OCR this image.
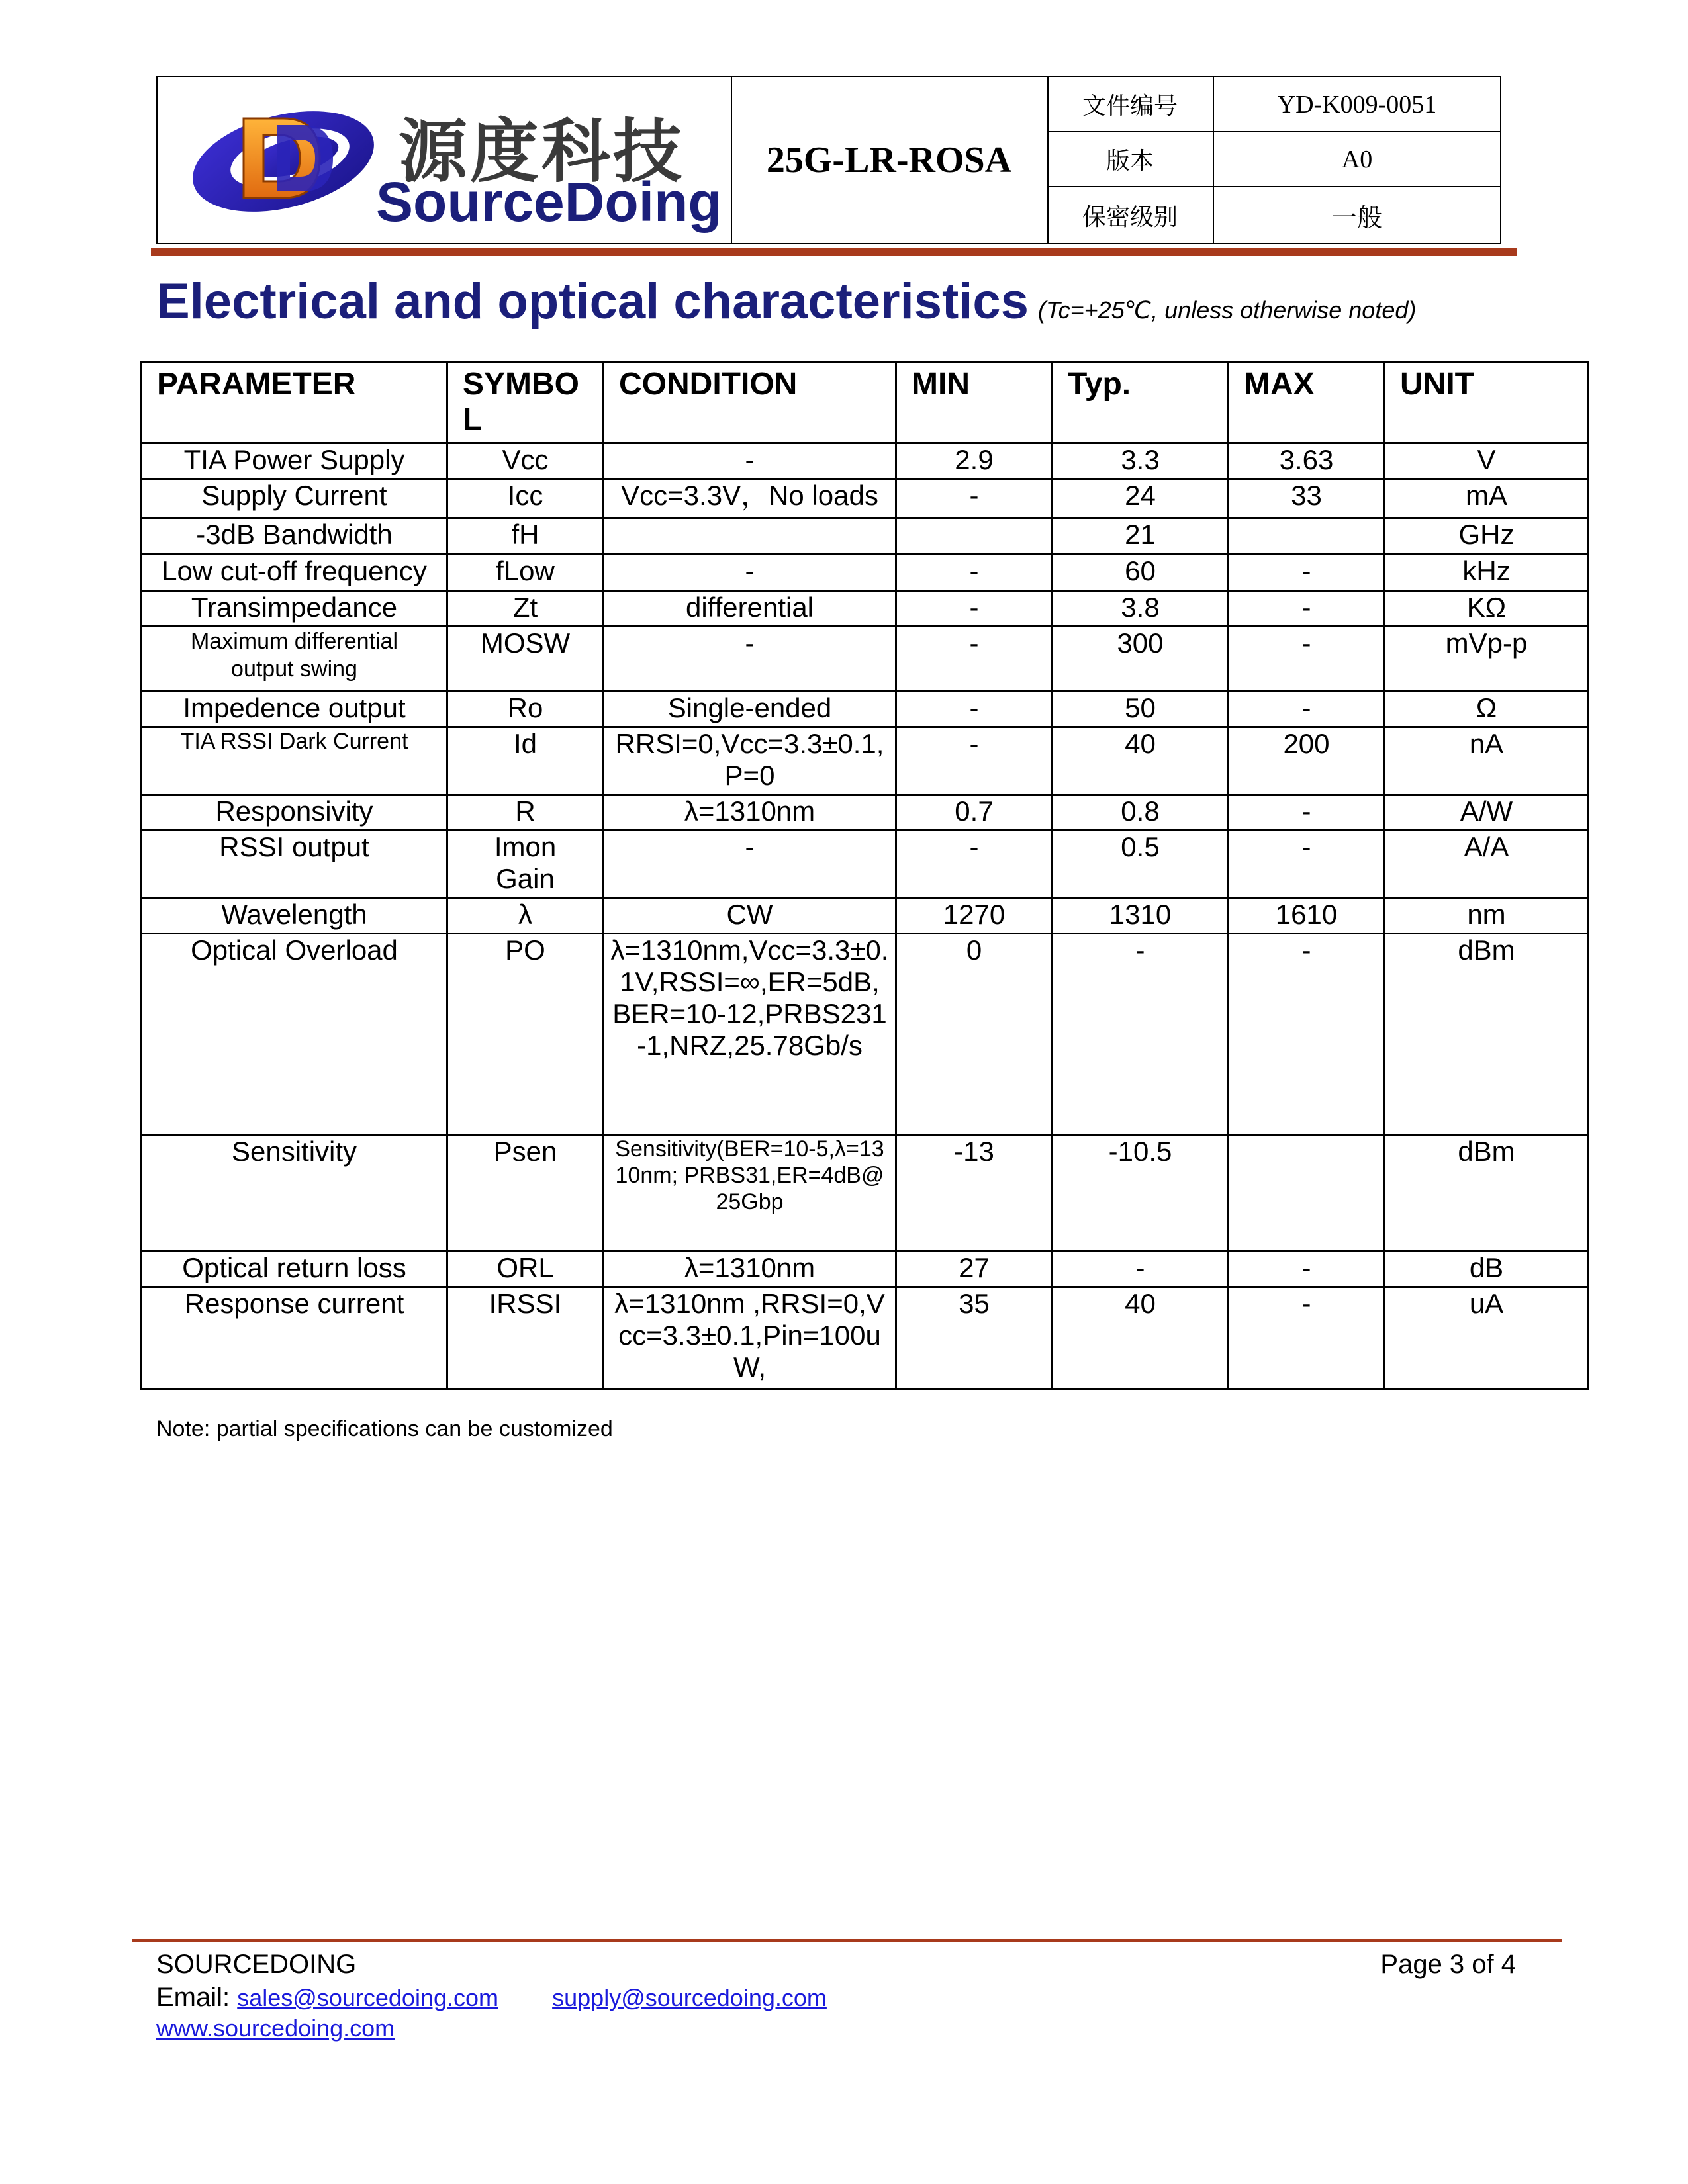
源度科技
SourceDoing
25G-LR-ROSA
文件编号	YD-K009-0051
版本	A0
保密级别	一般
Electrical and optical characteristics (Tc=+25℃, unless otherwise noted)
PARAMETER	SYMBOL	CONDITION	MIN	Typ.	MAX	UNIT
TIA Power Supply	Vcc	-	2.9	3.3	3.63	V
Supply Current	Icc	Vcc=3.3V，No loads	-	24	33	mA
-3dB Bandwidth	fH			21		GHz
Low cut-off frequency	fLow	-	-	60	-	kHz
Transimpedance	Zt	differential	-	3.8	-	KΩ
Maximum differential output swing	MOSW	-	-	300	-	mVp-p
Impedence output	Ro	Single-ended	-	50	-	Ω
TIA RSSI Dark Current	Id	RRSI=0,Vcc=3.3±0.1,P=0	-	40	200	nA
Responsivity	R	λ=1310nm	0.7	0.8	-	A/W
RSSI output	Imon Gain	-	-	0.5	-	A/A
Wavelength	λ	CW	1270	1310	1610	nm
Optical Overload	PO	λ=1310nm,Vcc=3.3±0.1V,RSSI=∞,ER=5dB, BER=10-12,PRBS231-1,NRZ,25.78Gb/s	0	-	-	dBm
Sensitivity	Psen	Sensitivity(BER=10-5,λ=1310nm; PRBS31,ER=4dB@25Gbp	-13	-10.5		dBm
Optical return loss	ORL	λ=1310nm	27	-	-	dB
Response current	IRSSI	λ=1310nm ,RRSI=0,Vcc=3.3±0.1,Pin=100uW,	35	40	-	uA
Note: partial specifications can be customized
SOURCEDOING	Page 3 of 4
Email: sales@sourcedoing.com supply@sourcedoing.com
www.sourcedoing.com
